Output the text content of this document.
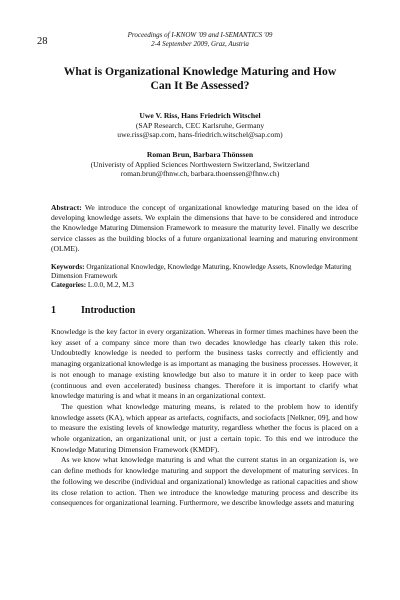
28
Proceedings of I-KNOW '09 and I-SEMANTICS '09
2-4 September 2009, Graz, Austria
What is Organizational Knowledge Maturing and How
Can It Be Assessed?
Uwe V. Riss, Hans Friedrich Witschel
(SAP Research, CEC Karlsruhe, Germany
uwe.riss@sap.com, hans-friedrich.witschel@sap.com)
Roman Brun, Barbara Thönssen
(Univeristy of Applied Sciences Northwestern Switzerland, Switzerland
roman.brun@fhnw.ch, barbara.thoenssen@fhnw.ch)

Abstract: We introduce the concept of organizational knowledge maturing based on the idea of developing knowledge assets. We explain the dimensions that have to be considered and introduce the Knowledge Maturing Dimension Framework to measure the maturity level. Finally we describe service classes as the building blocks of a future organizational learning and maturing environment (OLME).

Keywords: Organizational Knowledge, Knowledge Maturing, Knowledge Assets, Knowledge Maturing Dimension Framework
Categories: L.0.0, M.2, M.3
1	Introduction

Knowledge is the key factor in every organization. Whereas in former times machines have been the key asset of a company since more than two decades knowledge has clearly taken this role. Undoubtedly knowledge is needed to perform the business tasks correctly and efficiently and managing organizational knowledge is as important as managing the business processes. However, it is not enough to manage existing knowledge but also to mature it in order to keep pace with (continuous and even accelerated) business changes. Therefore it is important to clarify what knowledge maturing is and what it means in an organizational context.

The question what knowledge maturing means, is related to the problem how to identify knowledge assets (KA), which appear as artefacts, cognifacts, and sociofacts [Nelkner, 09], and how to measure the existing levels of knowledge maturity, regardless whether the focus is placed on a whole organization, an organizational unit, or just a certain topic. To this end we introduce the Knowledge Maturing Dimension Framework (KMDF).

As we know what knowledge maturing is and what the current status in an organization is, we can define methods for knowledge maturing and support the development of maturing services. In the following we describe (individual and organizational) knowledge as rational capacities and show its close relation to action. Then we introduce the knowledge maturing process and describe its consequences for organizational learning. Furthermore, we describe knowledge assets and maturing
